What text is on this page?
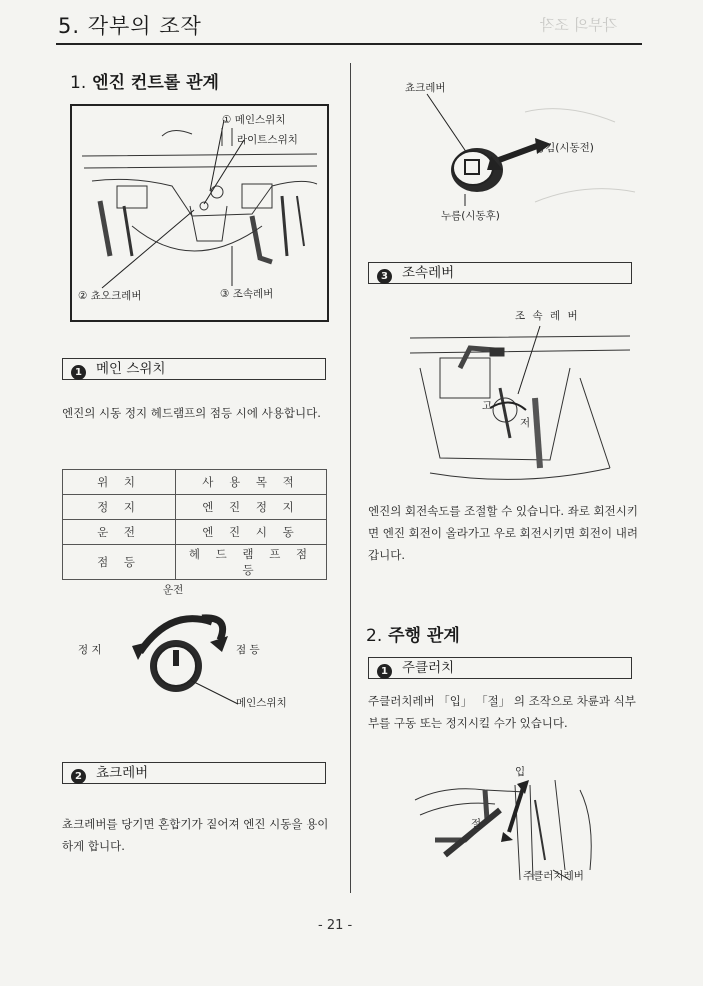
5. 각부의 조작	각부의 조작
1. 엔진 컨트롤 관계
① 메인스위치
라이트스위치
② 쵸오크레버	③ 조속레버
1 메인 스위치
엔진의 시동 정지 헤드램프의 점등 시에 사용합니다.
위 치	사 용 목 적
정 지	엔 진 정 지
운 전	엔 진 시 동
점 등	헤 드 램 프 점 등
운전
정 지	점 등
메인스위치
2 쵸크레버
쵸크레버를 당기면 혼합기가 짙어져 엔진 시동을 용이하게 합니다.
쵸크레버
당김(시동전)
누름(시동후)
3 조속레버
조 속 레 버
고
저
엔진의 회전속도를 조절할 수 있습니다. 좌로 회전시키면 엔진 회전이 올라가고 우로 회전시키면 회전이 내려갑니다.
2. 주행 관계
1 주클러치
주클러치레버 「입」 「절」 의 조작으로 차륜과 식부부를 구동 또는 정지시킬 수가 있습니다.
입
절
주클러치레버
- 21 -
